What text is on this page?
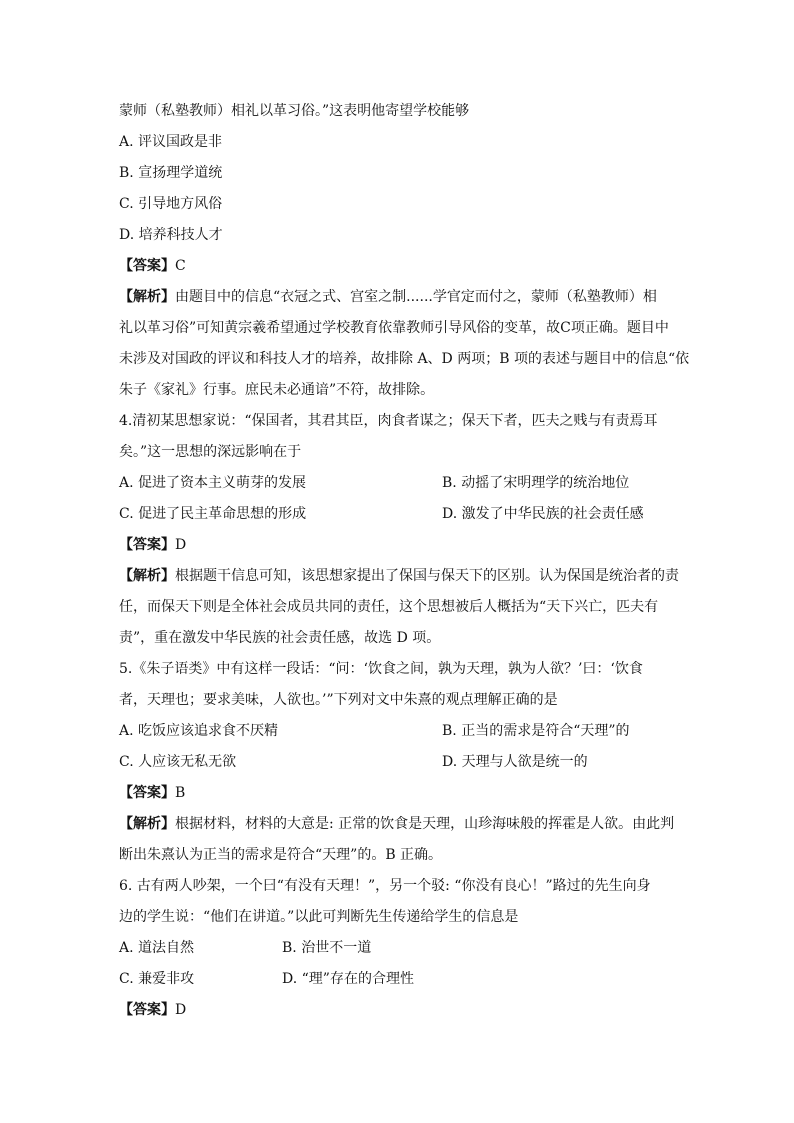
蒙师（私塾教师）相礼以革习俗。”这表明他寄望学校能够
A. 评议国政是非
B. 宣扬理学道统
C. 引导地方风俗
D. 培养科技人才
【答案】C
【解析】由题目中的信息“衣冠之式、宫室之制......学官定而付之，蒙师（私塾教师）相
礼以革习俗”可知黄宗羲希望通过学校教育依靠教师引导风俗的变革，故C项正确。题目中
未涉及对国政的评议和科技人才的培养，故排除 A、D 两项；B 项的表述与题目中的信息“依
朱子《家礼》行事。庶民未必通谙”不符，故排除。
4.清初某思想家说：“保国者，其君其臣，肉食者谋之；保天下者，匹夫之贱与有责焉耳
矣。”这一思想的深远影响在于
A. 促进了资本主义萌芽的发展	B. 动摇了宋明理学的统治地位
C. 促进了民主革命思想的形成	D. 激发了中华民族的社会责任感
【答案】D
【解析】根据题干信息可知，该思想家提出了保国与保天下的区别。认为保国是统治者的责
任，而保天下则是全体社会成员共同的责任，这个思想被后人概括为“天下兴亡，匹夫有
责”，重在激发中华民族的社会责任感，故选 D 项。
5.《朱子语类》中有这样一段话：“问：‘饮食之间，孰为天理，孰为人欲？’曰：‘饮食
者，天理也；要求美味，人欲也。’”下列对文中朱熹的观点理解正确的是
A. 吃饭应该追求食不厌精	B. 正当的需求是符合“天理”的
C. 人应该无私无欲	D. 天理与人欲是统一的
【答案】B
【解析】根据材料，材料的大意是: 正常的饮食是天理，山珍海味般的挥霍是人欲。由此判
断出朱熹认为正当的需求是符合“天理”的。B 正确。
6. 古有两人吵架，一个曰“有没有天理！”，另一个驳: “你没有良心！”路过的先生向身
边的学生说：“他们在讲道。”以此可判断先生传递给学生的信息是
A. 道法自然	B. 治世不一道
C. 兼爱非攻	D. “理”存在的合理性
【答案】D
